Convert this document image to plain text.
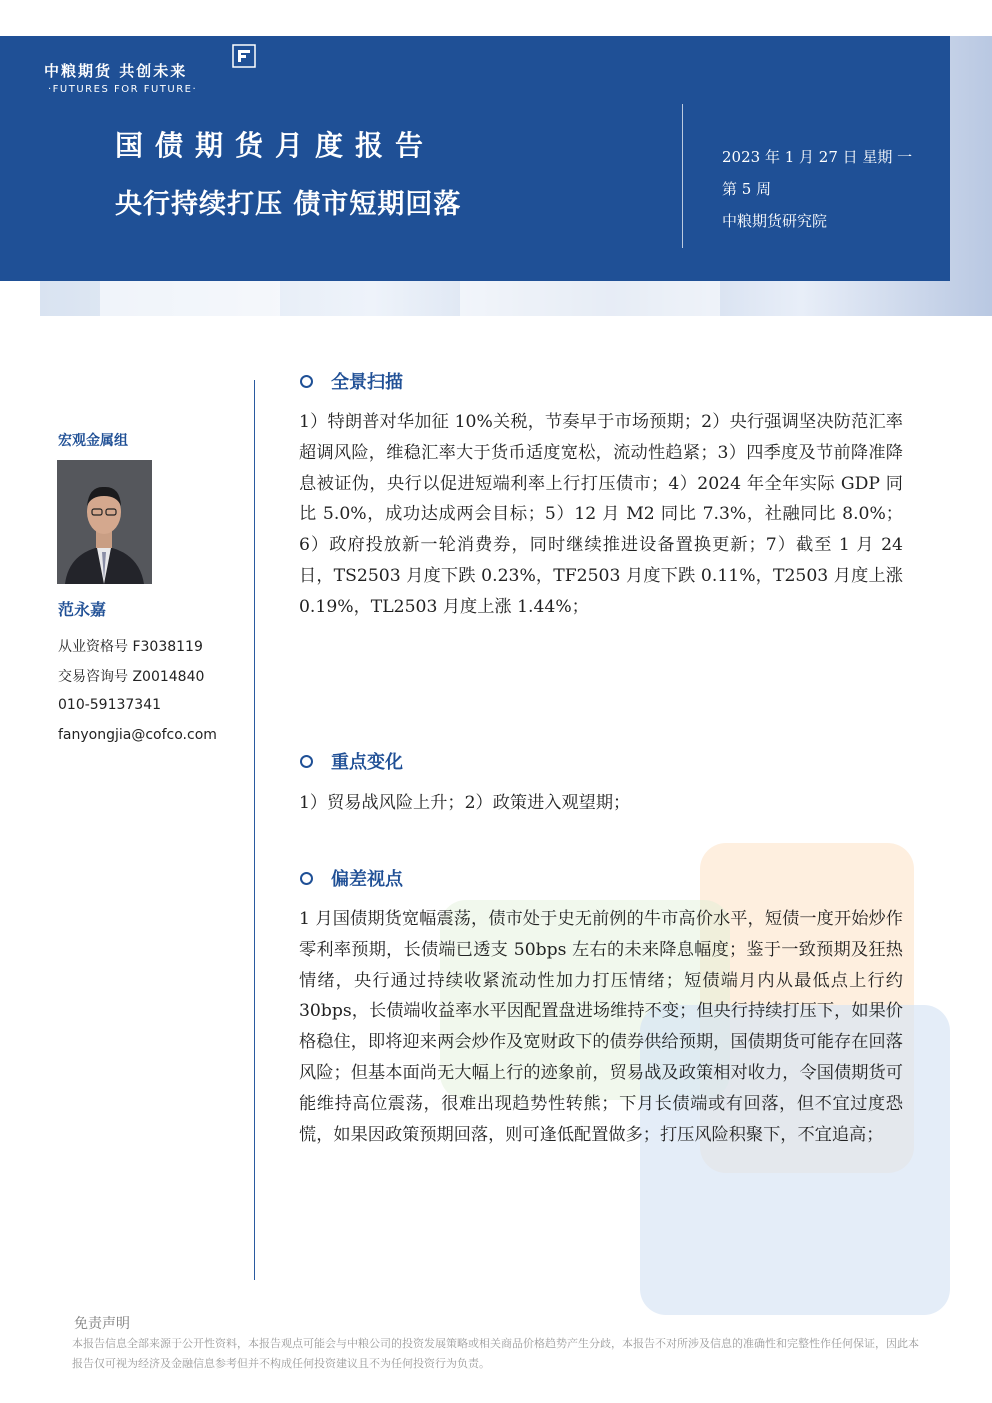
中粮期货 共创未来
·FUTURES FOR FUTURE·
国债期货月度报告
央行持续打压 债市短期回落
2023 年 1 月 27 日 星期 一
第 5 周
中粮期货研究院
宏观金属组
范永嘉
从业资格号 F3038119
交易咨询号 Z0014840
010-59137341
fanyongjia@cofco.com
全景扫描
1）特朗普对华加征 10%关税，节奏早于市场预期；2）央行强调坚决防范汇率超调风险，维稳汇率大于货币适度宽松，流动性趋紧；3）四季度及节前降准降息被证伪，央行以促进短端利率上行打压债市；4）2024 年全年实际 GDP 同比 5.0%，成功达成两会目标；5）12 月 M2 同比 7.3%，社融同比 8.0%；6）政府投放新一轮消费券，同时继续推进设备置换更新；7）截至 1 月 24 日，TS2503 月度下跌 0.23%，TF2503 月度下跌 0.11%，T2503 月度上涨 0.19%，TL2503 月度上涨 1.44%；
重点变化
1）贸易战风险上升；2）政策进入观望期；
偏差视点
1 月国债期货宽幅震荡，债市处于史无前例的牛市高价水平，短债一度开始炒作零利率预期，长债端已透支 50bps 左右的未来降息幅度；鉴于一致预期及狂热情绪，央行通过持续收紧流动性加力打压情绪；短债端月内从最低点上行约 30bps，长债端收益率水平因配置盘进场维持不变；但央行持续打压下，如果价格稳住，即将迎来两会炒作及宽财政下的债券供给预期，国债期货可能存在回落风险；但基本面尚无大幅上行的迹象前，贸易战及政策相对收力，令国债期货可能维持高位震荡，很难出现趋势性转熊；下月长债端或有回落，但不宜过度恐慌，如果因政策预期回落，则可逢低配置做多；打压风险积聚下，不宜追高；
免责声明
本报告信息全部来源于公开性资料，本报告观点可能会与中粮公司的投资发展策略或相关商品价格趋势产生分歧，本报告不对所涉及信息的准确性和完整性作任何保证，因此本报告仅可视为经济及金融信息参考但并不构成任何投资建议且不为任何投资行为负责。
